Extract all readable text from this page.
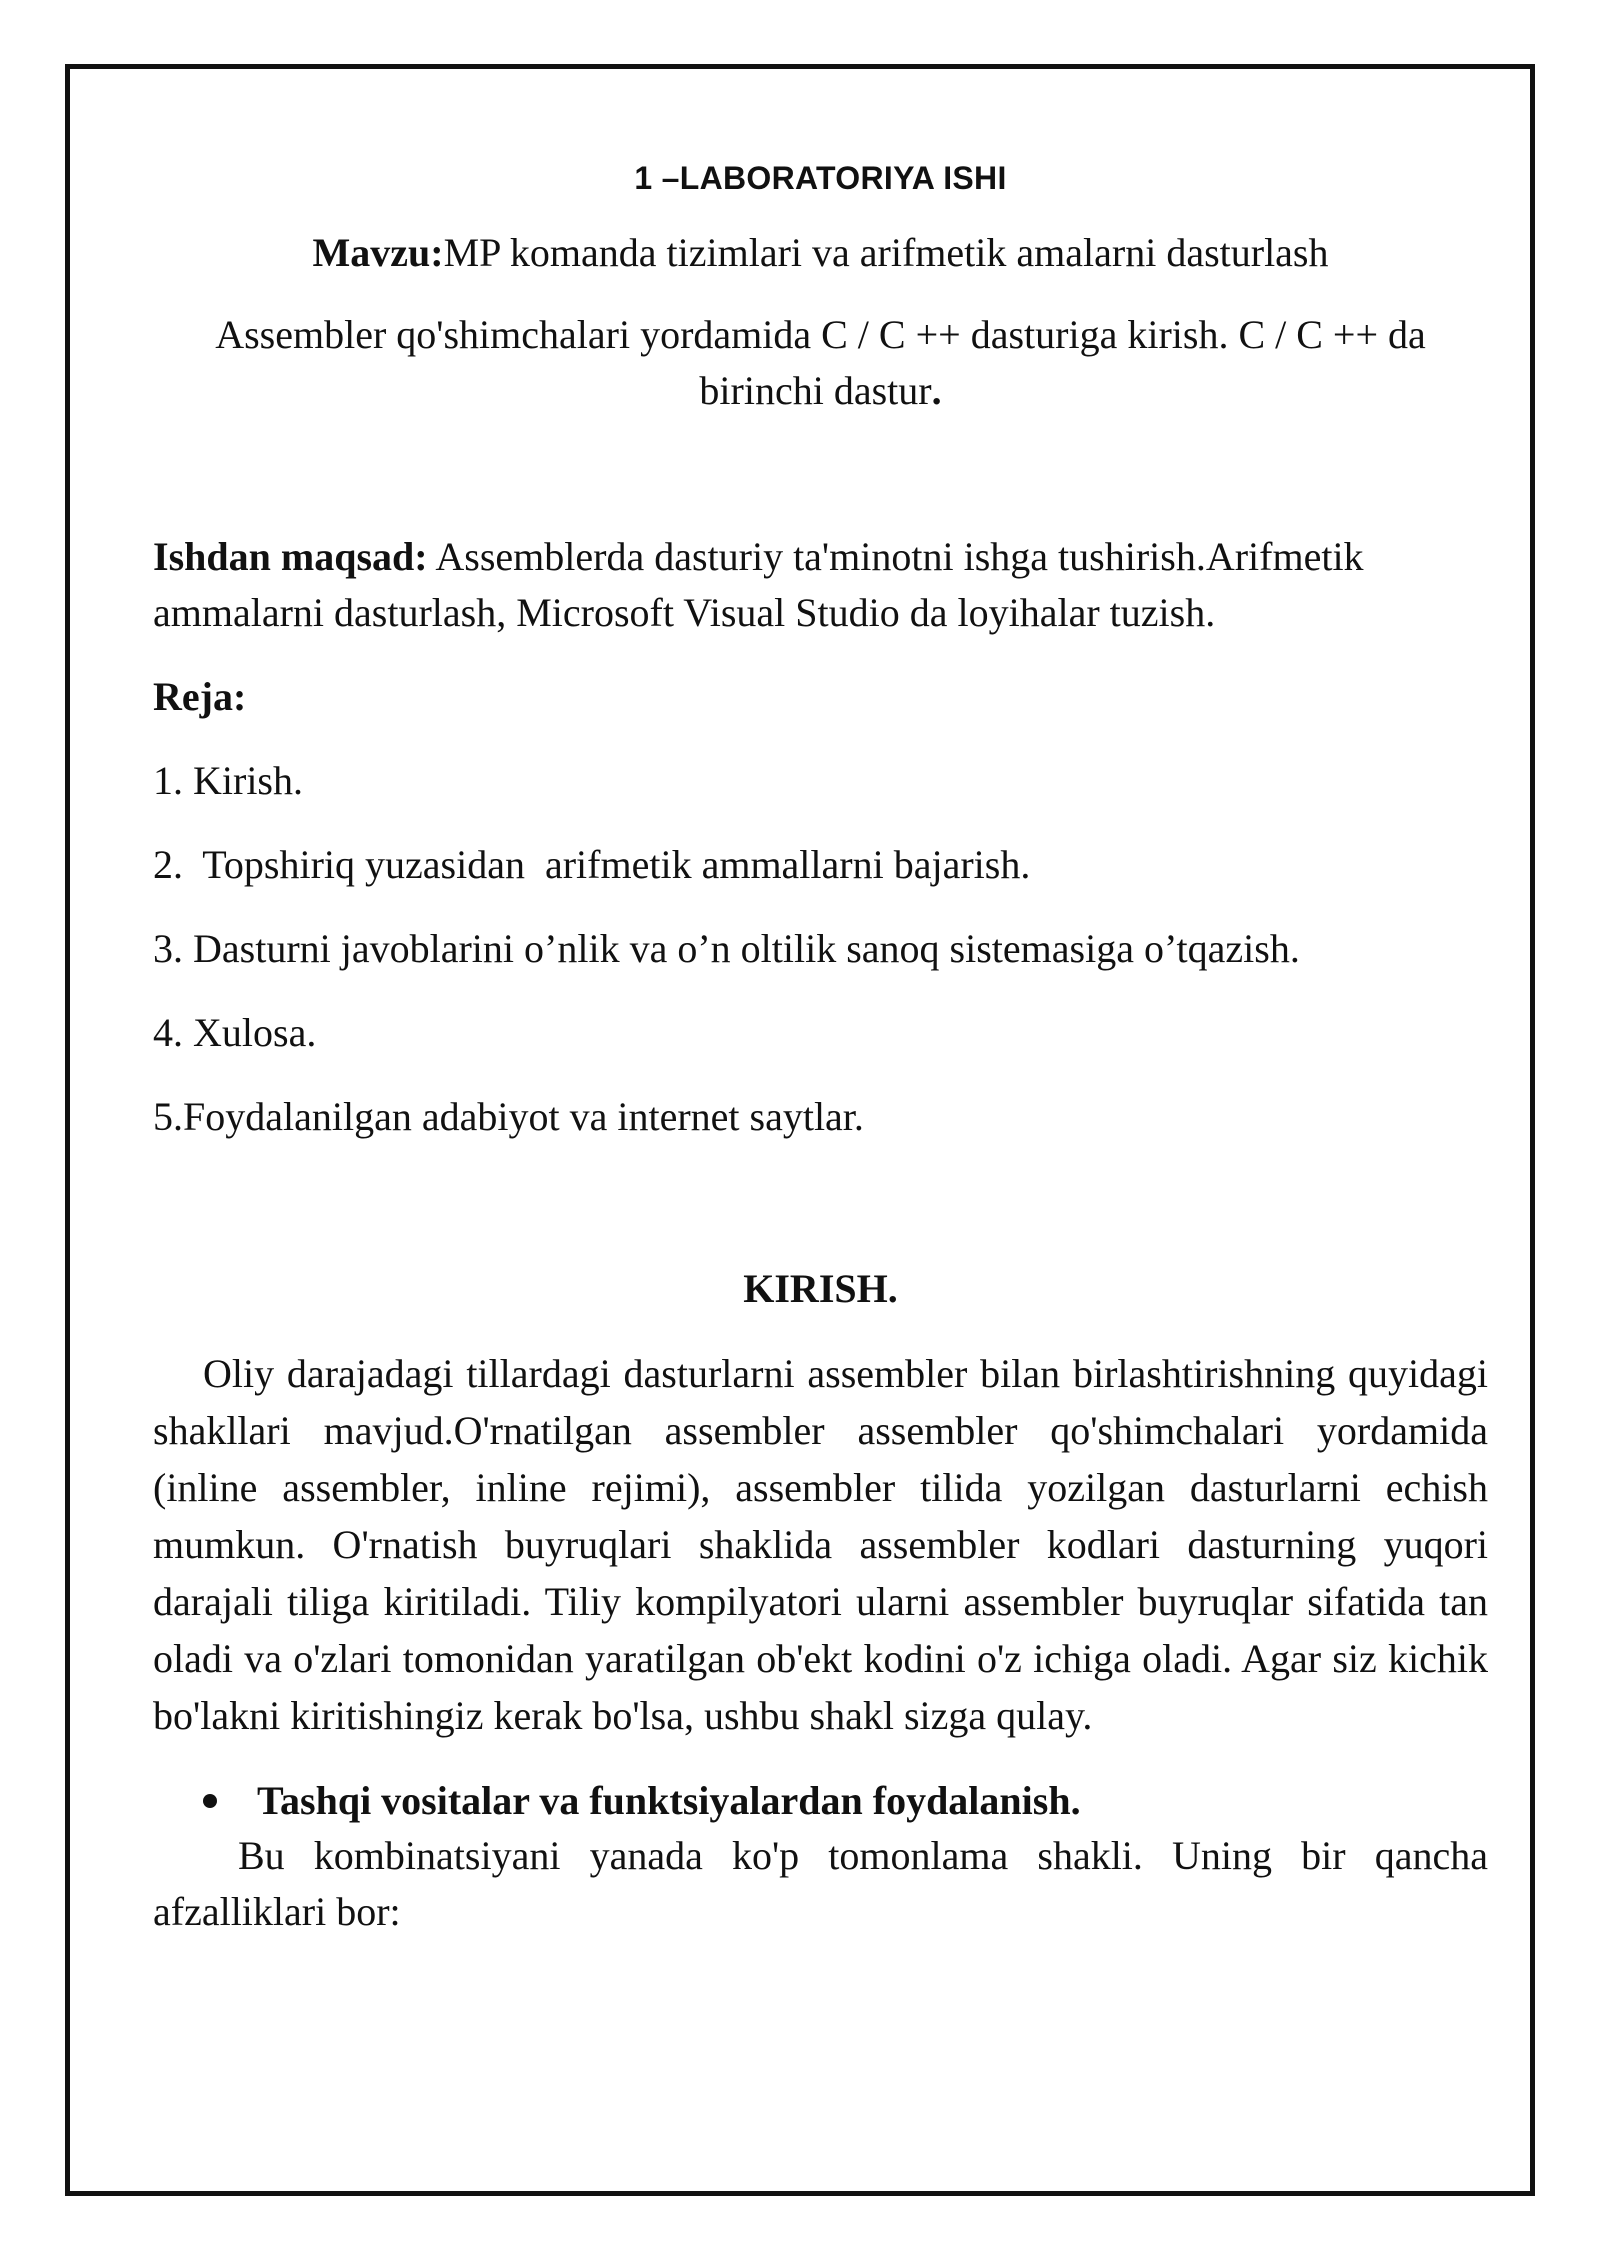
1 –LABORATORIYA ISHI
Mavzu:MP komanda tizimlari va arifmetik amalarni dasturlash
Assembler qo'shimchalari yordamida C / C ++ dasturiga kirish. C / C ++ da birinchi dastur.
Ishdan maqsad: Assemblerda dasturiy ta'minotni ishga tushirish.Arifmetik ammalarni dasturlash, Microsoft Visual Studio da loyihalar tuzish.
Reja:
1. Kirish.
2.  Topshiriq yuzasidan  arifmetik ammallarni bajarish.
3. Dasturni javoblarini o’nlik va o’n oltilik sanoq sistemasiga o’tqazish.
4. Xulosa.
5.Foydalanilgan adabiyot va internet saytlar.
KIRISH.

Oliy darajadagi tillardagi dasturlarni assembler bilan birlashtirishning quyidagi shakllari mavjud.O'rnatilgan assembler assembler qo'shimchalari yordamida (inline assembler, inline rejimi), assembler tilida yozilgan dasturlarni echish mumkun. O'rnatish buyruqlari shaklida assembler kodlari dasturning yuqori darajali tiliga kiritiladi. Tiliy kompilyatori ularni assembler buyruqlar sifatida tan oladi va o'zlari tomonidan yaratilgan ob'ekt kodini o'z ichiga oladi. Agar siz kichik bo'lakni kiritishingiz kerak bo'lsa, ushbu shakl sizga qulay.

Tashqi vositalar va funktsiyalardan foydalanish.

Bu kombinatsiyani yanada ko'p tomonlama shakli. Uning bir qancha afzalliklari bor:
